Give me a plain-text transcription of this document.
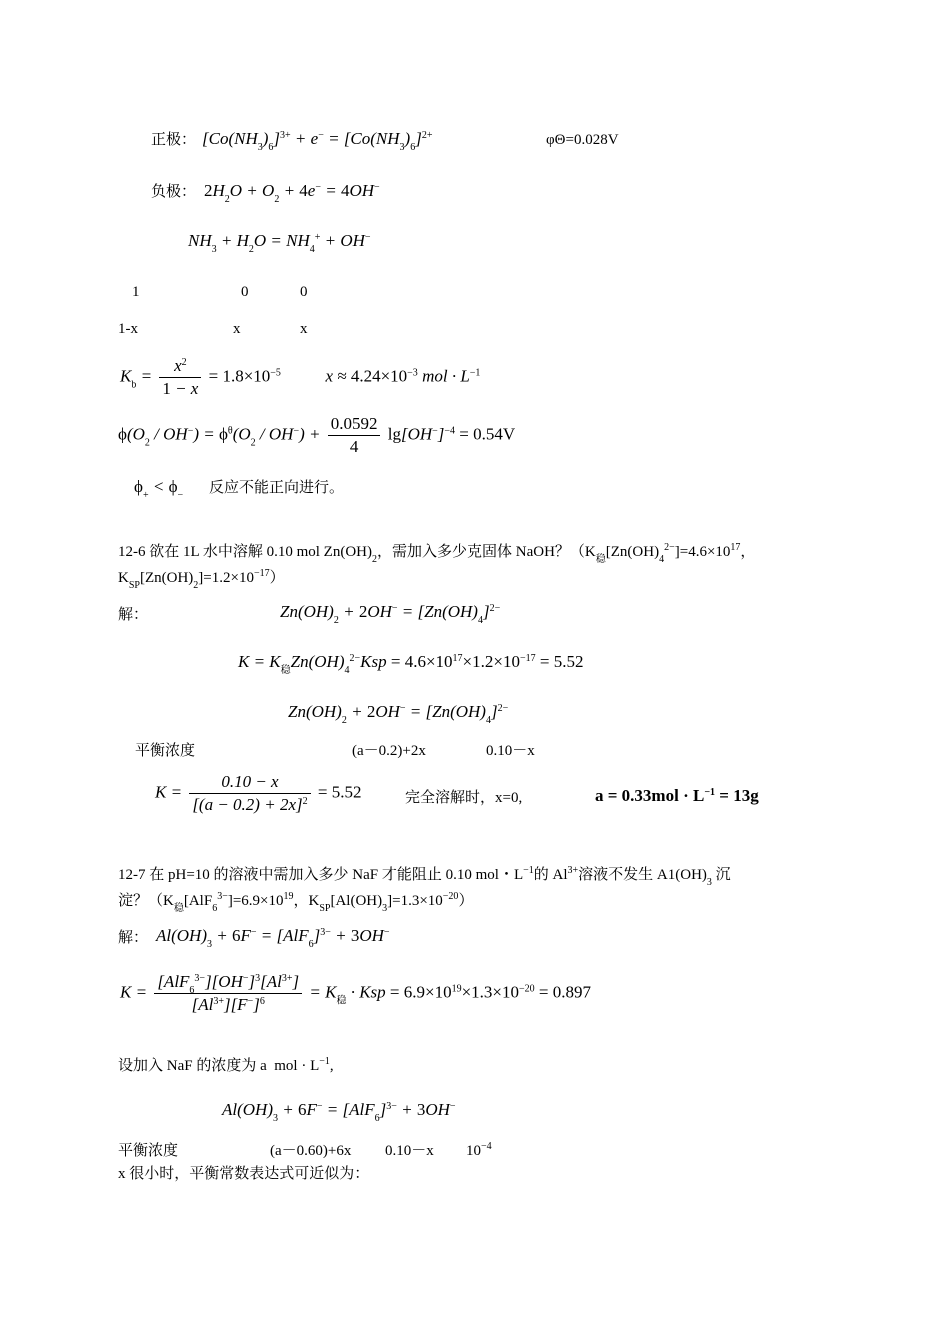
正极： $[Co(NH_3)_6]^{3+} + e^- = [Co(NH_3)_6]^{2+}$	φΘ=0.028V
负极： $2H_2O + O_2 + 4e^- = 4OH^-$
$NH_3 + H_2O = NH_4^+ + OH^-$
1	0	0
1-x	x	x
$K_b = \frac{x^2}{1 - x} = 1.8\times 10^{-5}$  $x \approx 4.24\times 10^{-3}$ mol · $L^{-1}$
$\phi(O_2 / OH^-) = \phi^\theta(O_2 / OH^-) + \frac{0.0592}{4} \lg[OH^-]^{-4} = 0.54V$
$\phi_+ < \phi_-$ 反应不能正向进行。
12-6 欲在 1L 水中溶解 0.10 mol $Zn(OH)_2$，需加入多少克固体 NaOH？（$K_稳[Zn(OH)_4^{2-}]=4.6\times 10^{17}$，
$K_{SP}[Zn(OH)_2]=1.2\times 10^{-17}$）
解：	$Zn(OH)_2 + 2OH^- = [Zn(OH)_4]^{2-}$
$K = K_稳Zn(OH)_4^{2-}Ksp = 4.6\times 10^{17}\times 1.2\times 10^{-17} = 5.52$
$Zn(OH)_2 + 2OH^- = [Zn(OH)_4]^{2-}$
平衡浓度	(a－0.2)+2x	0.10－x
$K = \frac{0.10 - x}{[(a - 0.2) + 2x]^2} = 5.52$	完全溶解时，x=0,	$a = 0.33mol \cdot L^{-1} = 13g$
12-7 在 pH=10 的溶液中需加入多少 NaF 才能阻止 0.10 mol・$L^{-1}$的 $Al^{3+}$溶液不发生 $A1(OH)_3$ 沉
淀？（$K_稳[AlF_6^{3-}]=6.9\times 10^{19}$，$K_{SP}[Al(OH)_3]=1.3\times 10^{-20}$）
解： $Al(OH)_3 + 6F^- = [AlF_6]^{3-} + 3OH^-$
$K = \frac{[AlF_6^{3-}][OH^-]^3[Al^{3+}]}{[Al^{3+}][F^-]^6} = K_稳$ · Ksp = $6.9\times 10^{19}\times 1.3\times 10^{-20} = 0.897$
设加入 NaF 的浓度为 a mol · $L^{-1}$,
$Al(OH)_3 + 6F^- = [AlF_6]^{3-} + 3OH^-$
平衡浓度	(a－0.60)+6x 0.10－x $10^{-4}$
x 很小时，平衡常数表达式可近似为：
